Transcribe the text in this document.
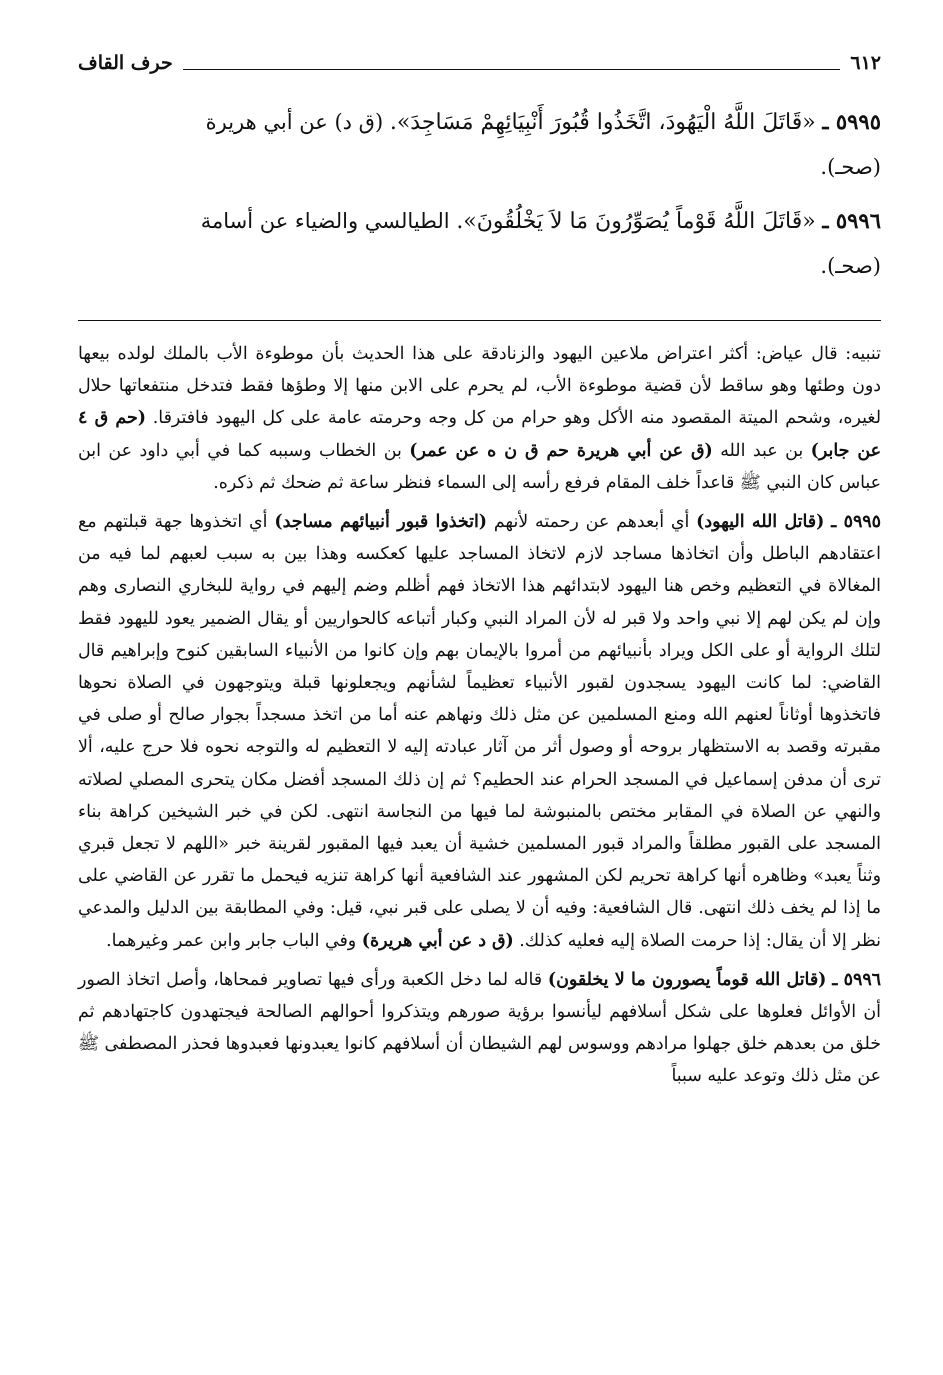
٦١٢
حرف القاف

٥٩٩٥ ـ «قَاتَلَ اللَّهُ الْيَهُودَ، اتَّخَذُوا قُبُورَ أَنْبِيَائِهِمْ مَسَاجِدَ». (ق د) عن أبي هريرة
(صحـ).

٥٩٩٦ ـ «قَاتَلَ اللَّهُ قَوْماً يُصَوِّرُونَ مَا لاَ يَخْلُقُونَ». الطيالسي والضياء عن أسامة
(صحـ).

تنبيه: قال عياض: أكثر اعتراض ملاعين اليهود والزنادقة على هذا الحديث بأن موطوءة الأب بالملك لولده بيعها دون وطئها وهو ساقط لأن قضية موطوءة الأب، لم يحرم على الابن منها إلا وطؤها فقط فتدخل منتفعاتها حلال لغيره، وشحم الميتة المقصود منه الأكل وهو حرام من كل وجه وحرمته عامة على كل اليهود فافترقا. (حم ق ٤ عن جابر) بن عبد الله (ق عن أبي هريرة حم ق ن ه عن عمر) بن الخطاب وسببه كما في أبي داود عن ابن عباس كان النبي ﷺ قاعداً خلف المقام فرفع رأسه إلى السماء فنظر ساعة ثم ضحك ثم ذكره.

٥٩٩٥ ـ (قاتل الله اليهود) أي أبعدهم عن رحمته لأنهم (اتخذوا قبور أنبيائهم مساجد) أي اتخذوها جهة قبلتهم مع اعتقادهم الباطل وأن اتخاذها مساجد لازم لاتخاذ المساجد عليها كعكسه وهذا بين به سبب لعبهم لما فيه من المغالاة في التعظيم وخص هنا اليهود لابتدائهم هذا الاتخاذ فهم أظلم وضم إليهم في رواية للبخاري النصارى وهم وإن لم يكن لهم إلا نبي واحد ولا قبر له لأن المراد النبي وكبار أتباعه كالحواريين أو يقال الضمير يعود لليهود فقط لتلك الرواية أو على الكل ويراد بأنبيائهم من أمروا بالإيمان بهم وإن كانوا من الأنبياء السابقين كنوح وإبراهيم قال القاضي: لما كانت اليهود يسجدون لقبور الأنبياء تعظيماً لشأنهم ويجعلونها قبلة ويتوجهون في الصلاة نحوها فاتخذوها أوثاناً لعنهم الله ومنع المسلمين عن مثل ذلك ونهاهم عنه أما من اتخذ مسجداً بجوار صالح أو صلى في مقبرته وقصد به الاستظهار بروحه أو وصول أثر من آثار عبادته إليه لا التعظيم له والتوجه نحوه فلا حرج عليه، ألا ترى أن مدفن إسماعيل في المسجد الحرام عند الحطيم؟ ثم إن ذلك المسجد أفضل مكان يتحرى المصلي لصلاته والنهي عن الصلاة في المقابر مختص بالمنبوشة لما فيها من النجاسة انتهى. لكن في خبر الشيخين كراهة بناء المسجد على القبور مطلقاً والمراد قبور المسلمين خشية أن يعبد فيها المقبور لقرينة خبر «اللهم لا تجعل قبري وثناً يعبد» وظاهره أنها كراهة تحريم لكن المشهور عند الشافعية أنها كراهة تنزيه فيحمل ما تقرر عن القاضي على ما إذا لم يخف ذلك انتهى. قال الشافعية: وفيه أن لا يصلى على قبر نبي، قيل: وفي المطابقة بين الدليل والمدعي نظر إلا أن يقال: إذا حرمت الصلاة إليه فعليه كذلك. (ق د عن أبي هريرة) وفي الباب جابر وابن عمر وغيرهما.

٥٩٩٦ ـ (قاتل الله قوماً يصورون ما لا يخلقون) قاله لما دخل الكعبة ورأى فيها تصاوير فمحاها، وأصل اتخاذ الصور أن الأوائل فعلوها على شكل أسلافهم ليأنسوا برؤية صورهم ويتذكروا أحوالهم الصالحة فيجتهدون كاجتهادهم ثم خلق من بعدهم خلق جهلوا مرادهم ووسوس لهم الشيطان أن أسلافهم كانوا يعبدونها فعبدوها فحذر المصطفى ﷺ عن مثل ذلك وتوعد عليه سبباً
